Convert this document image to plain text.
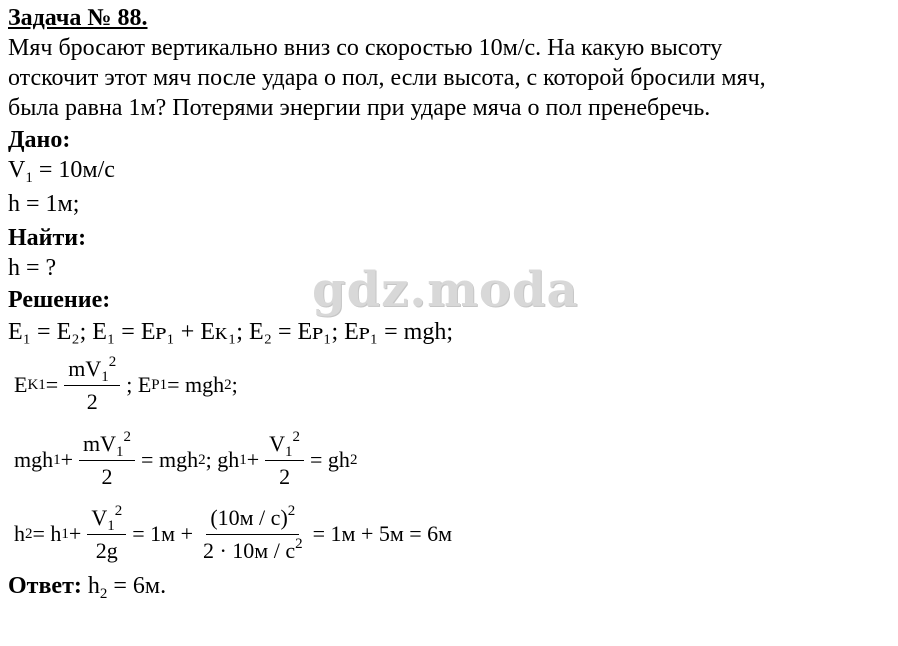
Задача № 88.
Мяч бросают вертикально вниз со скоростью 10м/с. На какую высоту
отскочит этот мяч после удара о пол, если высота, с которой бросили мяч,
была равна 1м? Потерями энергии при ударе мяча о пол пренебречь.
Дано:
$V_1 = 10м/с$
h = 1м;
Найти:
h = ?
Решение:
E₁ = E₂; E₁ = Eᴘ₁ + Eᴋ₁; E₂ = Eᴘ₁; Eᴘ₁ = mgh;
E $K1 = \frac{mV_1^2}{2}$ ; E P1 = mgh 2 ;
mgh $1 + \frac{mV_1^2}{2}$ = mgh 2 ; gh $1 + \frac{V_1^2}{2}$ = gh 2
h 2 = h $1 + \frac{V_1^2}{2g} = 1м + \frac{(10м / с)^2}{2 \cdot 10м / с^2} = 1м + 5м = 6м$
Ответ: $h_2 = 6м$.
gdz.moda
